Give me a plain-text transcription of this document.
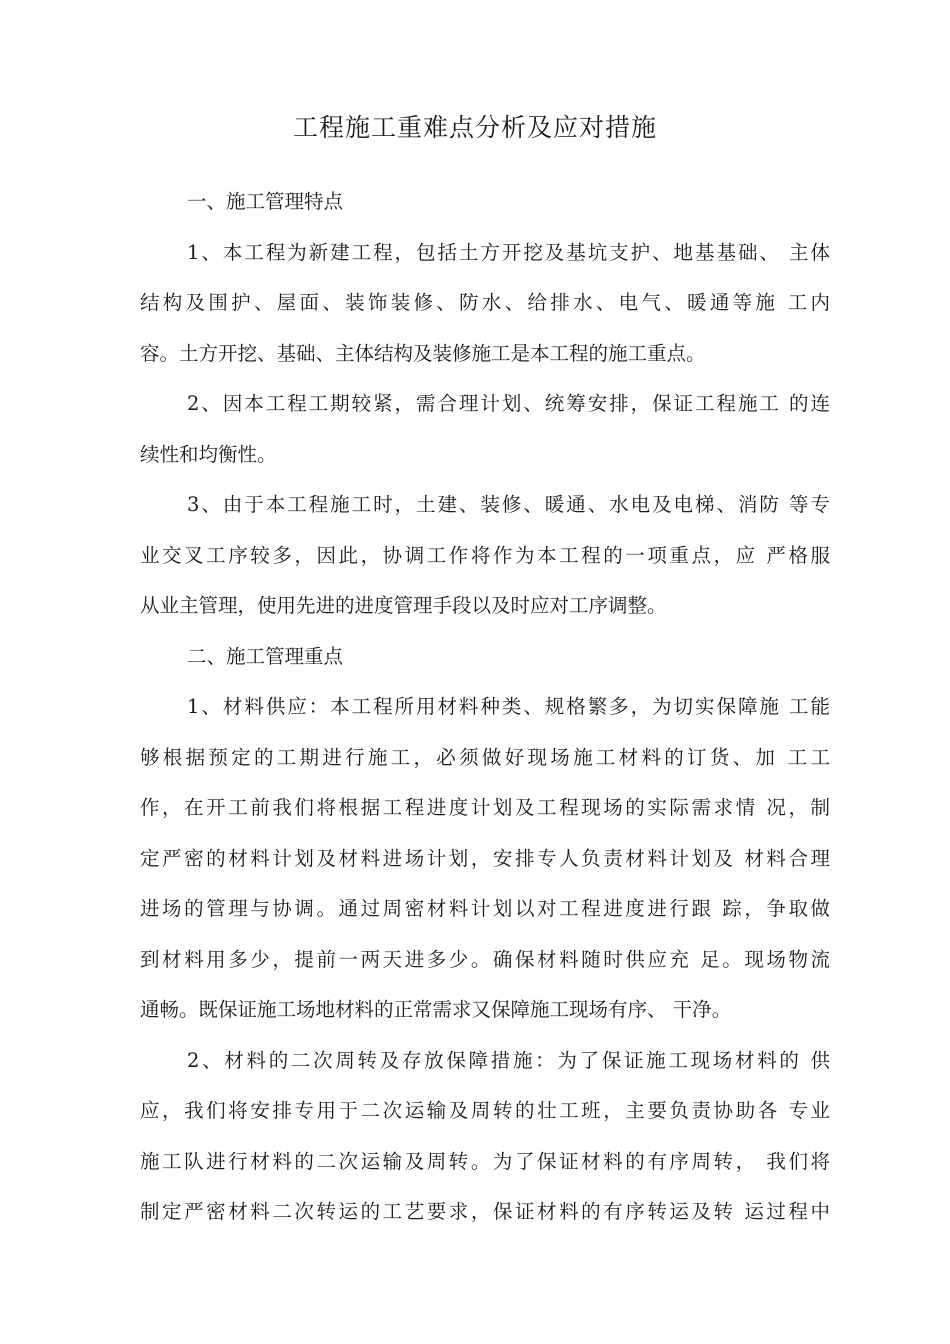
工程施工重难点分析及应对措施
一、施工管理特点
1、本工程为新建工程，包括土方开挖及基坑支护、地基基础、 主体
结构及围护、屋面、装饰装修、防水、给排水、电气、暖通等施 工内
容。土方开挖、基础、主体结构及装修施工是本工程的施工重点。
2、因本工程工期较紧，需合理计划、统筹安排，保证工程施工 的连
续性和均衡性。
3、由于本工程施工时，土建、装修、暖通、水电及电梯、消防 等专
业交叉工序较多，因此，协调工作将作为本工程的一项重点，应 严格服
从业主管理，使用先进的进度管理手段以及时应对工序调整。
二、施工管理重点
1、材料供应：本工程所用材料种类、规格繁多，为切实保障施 工能
够根据预定的工期进行施工，必须做好现场施工材料的订货、加 工工
作，在开工前我们将根据工程进度计划及工程现场的实际需求情 况，制
定严密的材料计划及材料进场计划，安排专人负责材料计划及 材料合理
进场的管理与协调。通过周密材料计划以对工程进度进行跟 踪，争取做
到材料用多少，提前一两天进多少。确保材料随时供应充 足。现场物流
通畅。既保证施工场地材料的正常需求又保障施工现场有序、 干净。
2、材料的二次周转及存放保障措施：为了保证施工现场材料的 供
应，我们将安排专用于二次运输及周转的壮工班，主要负责协助各 专业
施工队进行材料的二次运输及周转。为了保证材料的有序周转， 我们将
制定严密材料二次转运的工艺要求，保证材料的有序转运及转 运过程中
